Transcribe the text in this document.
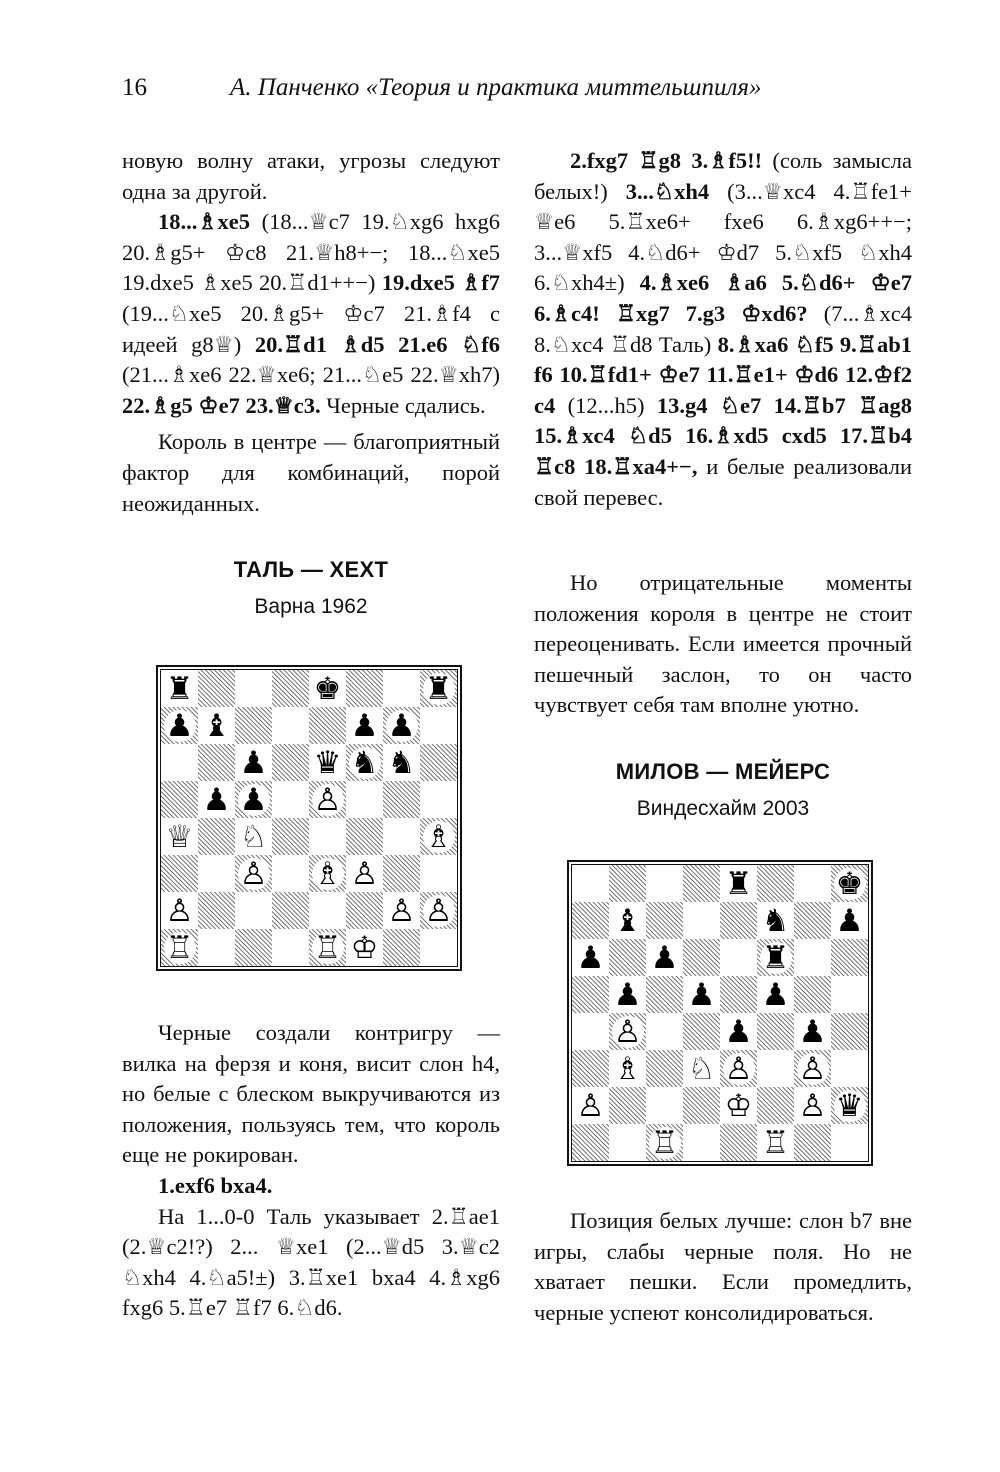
16	А. Панченко «Теория и практика миттельшпиля»

новую волну атаки, угрозы следуют одна за другой.

18...♗xe5 (18...♕c7 19.♘xg6 hxg6 20.♗g5+ ♔c8 21.♕h8+−; 18...♘xe5 19.dxe5 ♗xe5 20.♖d1++−) 19.dxe5 ♗f7 (19...♘xe5 20.♗g5+ ♔c7 21.♗f4 с идеей g8♕) 20.♖d1 ♗d5 21.e6 ♘f6 (21...♗xe6 22.♕xe6; 21...♘e5 22.♕xh7) 22.♗g5 ♔e7 23.♕c3. Черные сдались.

Король в центре — благоприятный фактор для комбинаций, порой неожиданных.

ТАЛЬ — ХЕХТ
Варна 1962
♜	♚	♜
♟ ♝	♟ ♟
♟ ♛ ♞ ♞
♟ ♟ ♙
♕ ♘	♗
♙ ♗ ♙
♙	♙ ♙
♖	♖ ♔

Черные создали контригру — вилка на ферзя и коня, висит слон h4, но белые с блеском выкручиваются из положения, пользуясь тем, что король еще не рокирован.

1.exf6 bxa4.

На 1...0-0 Таль указывает 2.♖ae1 (2.♕c2!?) 2... ♕xe1 (2...♕d5 3.♕c2 ♘xh4 4.♘a5!±) 3.♖xe1 bxa4 4.♗xg6 fxg6 5.♖e7 ♖f7 6.♘d6.

2.fxg7 ♖g8 3.♗f5!! (соль замысла белых!) 3...♘xh4 (3...♕xc4 4.♖fe1+ ♕e6 5.♖xe6+ fxe6 6.♗xg6++−; 3...♕xf5 4.♘d6+ ♔d7 5.♘xf5 ♘xh4 6.♘xh4±) 4.♗xe6 ♗a6 5.♘d6+ ♔e7 6.♗c4! ♖xg7 7.g3 ♔xd6? (7...♗xc4 8.♘xc4 ♖d8 Таль) 8.♗xa6 ♘f5 9.♖ab1 f6 10.♖fd1+ ♔e7 11.♖e1+ ♔d6 12.♔f2 c4 (12...h5) 13.g4 ♘e7 14.♖b7 ♖ag8 15.♗xc4 ♘d5 16.♗xd5 cxd5 17.♖b4 ♖c8 18.♖xa4+−, и белые реализовали свой перевес.

Но отрицательные моменты положения короля в центре не стоит переоценивать. Если имеется прочный пешечный заслон, то он часто чувствует себя там вполне уютно.

МИЛОВ — МЕЙЕРС
Виндесхайм 2003
♜	♚
♝	♞ ♟
♟ ♟	♜
♟ ♟ ♟
♙	♟ ♟
♗ ♘ ♙ ♙
♙	♔ ♙ ♛
♖	♖

Позиция белых лучше: слон b7 вне игры, слабы черные поля. Но не хватает пешки. Если промедлить, черные успеют консолидироваться.
